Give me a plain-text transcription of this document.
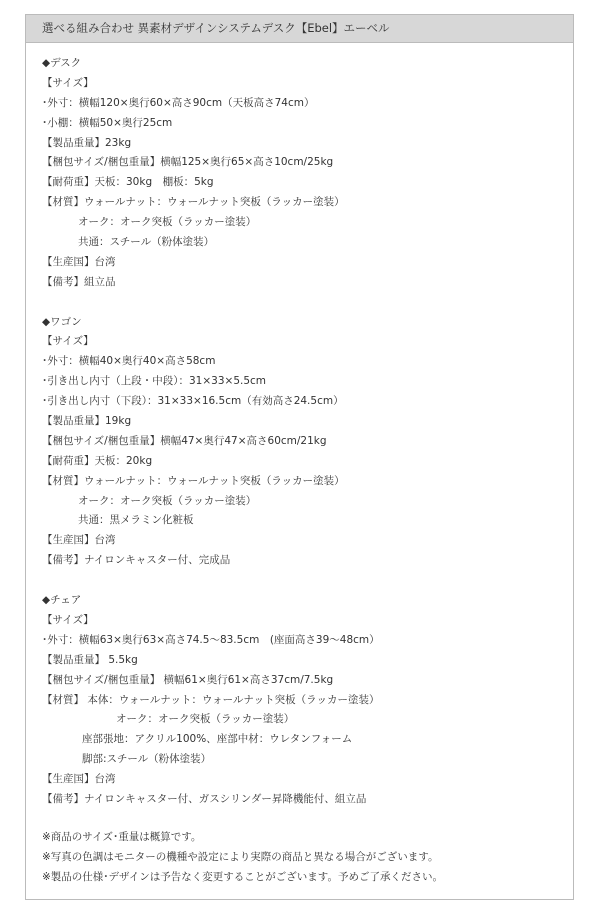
選べる組み合わせ 異素材デザインシステムデスク【Ebel】エーベル
◆デスク
【サイズ】
･外寸：横幅120×奥行60×高さ90cm（天板高さ74cm）
･小棚：横幅50×奥行25cm
【製品重量】23kg
【梱包サイズ/梱包重量】横幅125×奥行65×高さ10cm/25kg
【耐荷重】天板：30kg　棚板：5kg
【材質】ウォールナット：ウォールナット突板（ラッカー塗装）
オーク：オーク突板（ラッカー塗装）
共通：スチール（粉体塗装）
【生産国】台湾
【備考】組立品
◆ワゴン
【サイズ】
･外寸：横幅40×奥行40×高さ58cm
･引き出し内寸（上段・中段）：31×33×5.5cm
･引き出し内寸（下段）：31×33×16.5cm（有効高さ24.5cm）
【製品重量】19kg
【梱包サイズ/梱包重量】横幅47×奥行47×高さ60cm/21kg
【耐荷重】天板：20kg
【材質】ウォールナット：ウォールナット突板（ラッカー塗装）
オーク：オーク突板（ラッカー塗装）
共通：黒メラミン化粧板
【生産国】台湾
【備考】ナイロンキャスター付、完成品
◆チェア
【サイズ】
･外寸：横幅63×奥行63×高さ74.5～83.5cm　(座面高さ39～48cm）
【製品重量】 5.5kg
【梱包サイズ/梱包重量】 横幅61×奥行61×高さ37cm/7.5kg
【材質】 本体：ウォールナット：ウォールナット突板（ラッカー塗装）
オーク：オーク突板（ラッカー塗装）
座部張地：アクリル100%、座部中材：ウレタンフォーム
脚部:スチール（粉体塗装）
【生産国】台湾
【備考】ナイロンキャスター付、ガスシリンダー昇降機能付、組立品
※商品のサイズ･重量は概算です。
※写真の色調はモニターの機種や設定により実際の商品と異なる場合がございます。
※製品の仕様･デザインは予告なく変更することがございます。予めご了承ください。
